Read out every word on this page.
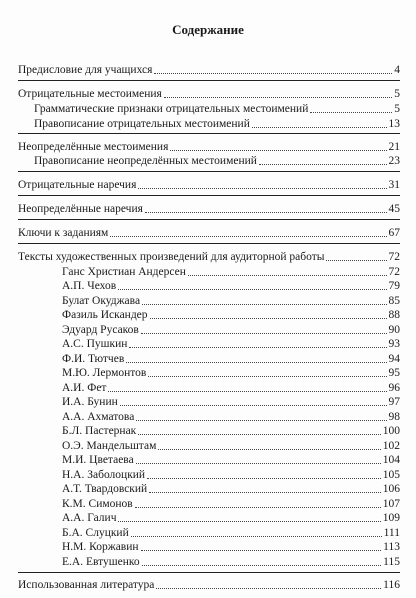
Содержание
Предисловие для учащихся	4
Отрицательные местоимения	5
Грамматические признаки отрицательных местоимений	5
Правописание отрицательных местоимений	13
Неопределённые местоимения	21
Правописание неопределённых местоимений	23
Отрицательные наречия	31
Неопределённые наречия	45
Ключи к заданиям	67
Тексты художественных произведений для аудиторной работы	72
Ганс Христиан Андерсен	72
А.П. Чехов	79
Булат Окуджава	85
Фазиль Искандер	88
Эдуард Русаков	90
А.С. Пушкин	93
Ф.И. Тютчев	94
М.Ю. Лермонтов	95
А.И. Фет	96
И.А. Бунин	97
А.А. Ахматова	98
Б.Л. Пастернак	100
О.Э. Мандельштам	102
М.И. Цветаева	104
Н.А. Заболоцкий	105
А.Т. Твардовский	106
К.М. Симонов	107
А.А. Галич	109
Б.А. Слуцкий	111
Н.М. Коржавин	113
Е.А. Евтушенко	115
Использованная литература	116
